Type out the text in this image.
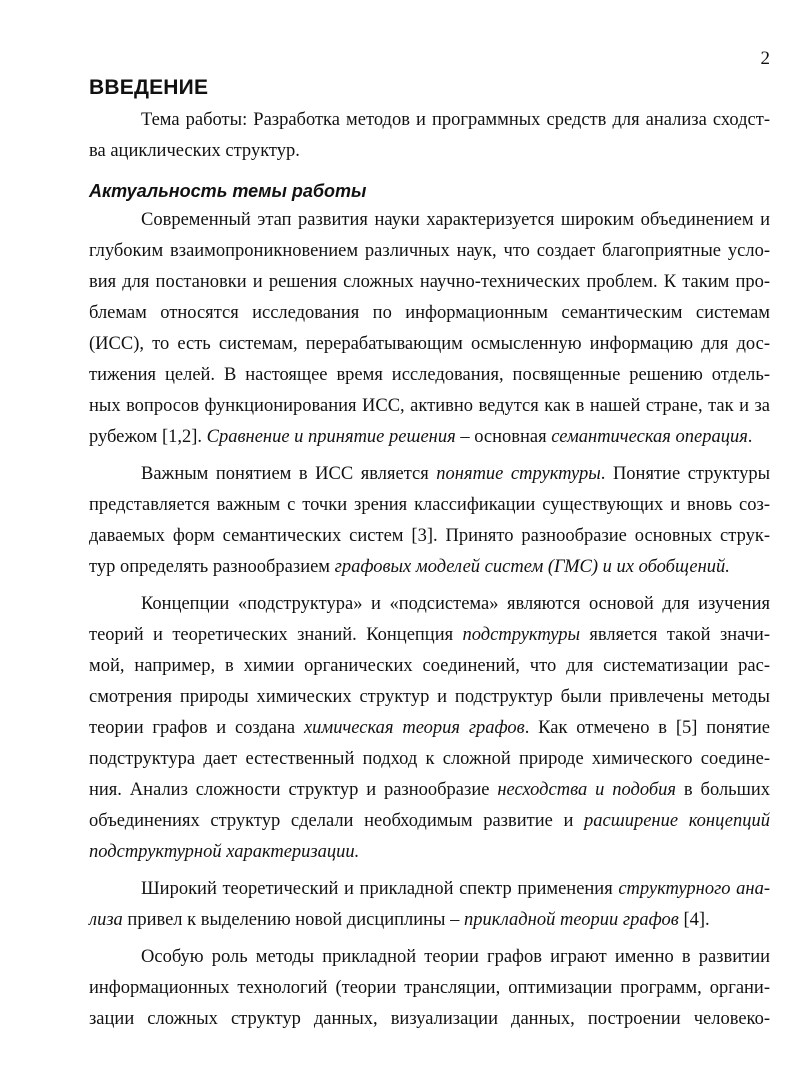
2
ВВЕДЕНИЕ
Тема работы: Разработка методов и программных средств для анализа сходст-
ва ациклических структур.
Актуальность темы работы
Современный этап развития науки характеризуется широким объединением и
глубоким взаимопроникновением различных наук, что создает благоприятные усло-
вия для постановки и решения сложных научно-технических проблем. К таким про-
блемам относятся исследования по информационным семантическим системам
(ИСС), то есть системам, перерабатывающим осмысленную информацию для дос-
тижения целей. В настоящее время исследования, посвященные решению отдель-
ных вопросов функционирования ИСС, активно ведутся как в нашей стране, так и за
рубежом [1,2]. Сравнение и принятие решения – основная семантическая операция.
Важным понятием в ИСС является понятие структуры. Понятие структуры
представляется важным с точки зрения классификации существующих и вновь соз-
даваемых форм семантических систем [3]. Принято разнообразие основных струк-
тур определять разнообразием графовых моделей систем (ГМС) и их обобщений.
Концепции «подструктура» и «подсистема» являются основой для изучения
теорий и теоретических знаний. Концепция подструктуры является такой значи-
мой, например, в химии органических соединений, что для систематизации рас-
смотрения природы химических структур и подструктур были привлечены методы
теории графов и создана химическая теория графов. Как отмечено в [5] понятие
подструктура дает естественный подход к сложной природе химического соедине-
ния. Анализ сложности структур и разнообразие несходства и подобия в больших
объединениях структур сделали необходимым развитие и расширение концепций
подструктурной характеризации.
Широкий теоретический и прикладной спектр применения структурного ана-
лиза привел к выделению новой дисциплины – прикладной теории графов [4].
Особую роль методы прикладной теории графов играют именно в развитии
информационных технологий (теории трансляции, оптимизации программ, органи-
зации сложных структур данных, визуализации данных, построении человеко-
